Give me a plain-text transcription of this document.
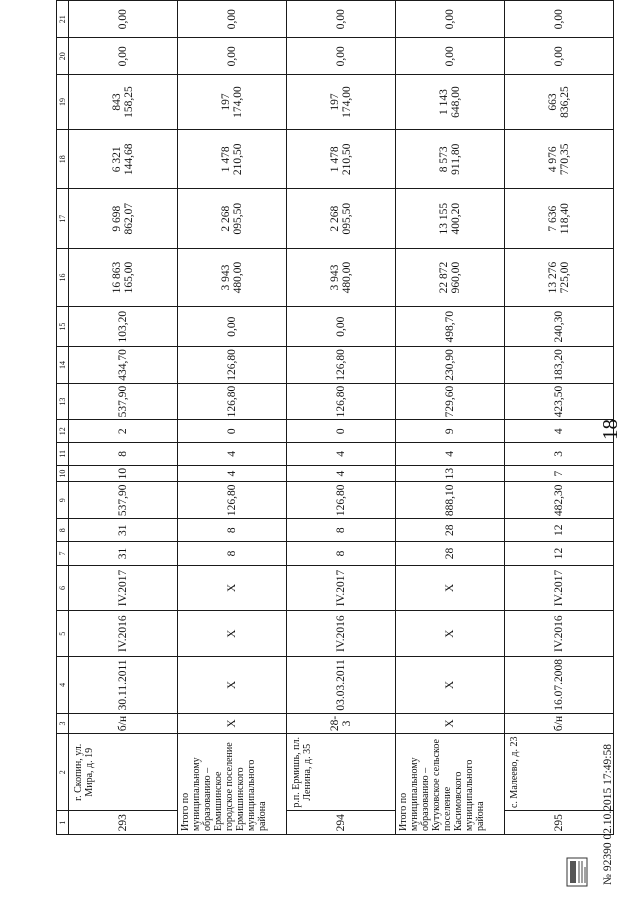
1	2	3	4	5	6	7	8	9	10	11	12	13	14	15	16	17	18	19	20	21
293	г. Скопин, ул. Мира, д. 19	б/н	30.11.2011	IV.2016	IV.2017	31	31	537,90	10	8	2	537,90	434,70	103,20	16 863 165,00	9 698 862,07	6 321 144,68	843 158,25	0,00	0,00
Итого по муниципальному образованию – Ермишинское городское поселение Ермишинского муниципального района		Х	Х	Х	Х	8	8	126,80	4	4	0	126,80	126,80	0,00	3 943 480,00	2 268 095,50	1 478 210,50	197 174,00	0,00	0,00
294	р.п. Ермишь, пл. Ленина, д. 35	28-3	03.03.2011	IV.2016	IV.2017	8	8	126,80	4	4	0	126,80	126,80	0,00	3 943 480,00	2 268 095,50	1 478 210,50	197 174,00	0,00	0,00
Итого по муниципальному образованию – Кутуковское сельское поселение Касимовского муниципального района		Х	Х	Х	Х	28	28	888,10	13	4	9	729,60	230,90	498,70	22 872 960,00	13 155 400,20	8 573 911,80	1 143 648,00	0,00	0,00
295	с. Малеево, д. 23	б/н	16.07.2008	IV.2016	IV.2017	12	12	482,30	7	3	4	423,50	183,20	240,30	13 276 725,00	7 636 118,40	4 976 770,35	663 836,25	0,00	0,00
18
№ 92390 02.10.2015 17:49:58
